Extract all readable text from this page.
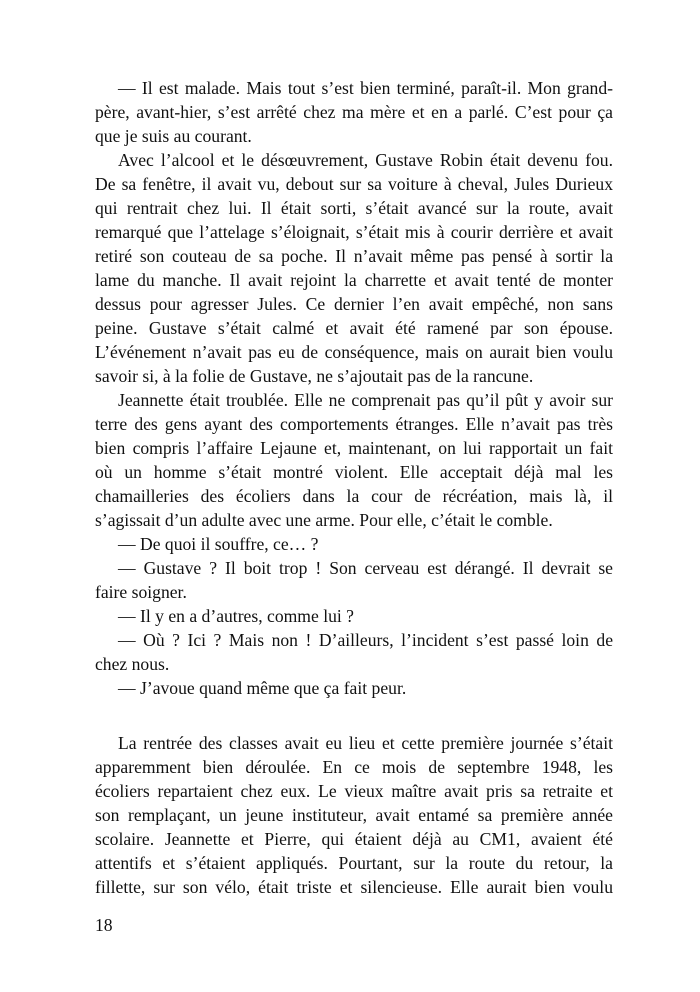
— Il est malade. Mais tout s’est bien terminé, paraît-il. Mon grand-
père, avant-hier, s’est arrêté chez ma mère et en a parlé. C’est pour ça
que je suis au courant.
Avec l’alcool et le désœuvrement, Gustave Robin était devenu fou.
De sa fenêtre, il avait vu, debout sur sa voiture à cheval, Jules Durieux
qui rentrait chez lui. Il était sorti, s’était avancé sur la route, avait
remarqué que l’attelage s’éloignait, s’était mis à courir derrière et avait
retiré son couteau de sa poche. Il n’avait même pas pensé à sortir la
lame du manche. Il avait rejoint la charrette et avait tenté de monter
dessus pour agresser Jules. Ce dernier l’en avait empêché, non sans
peine. Gustave s’était calmé et avait été ramené par son épouse.
L’événement n’avait pas eu de conséquence, mais on aurait bien voulu
savoir si, à la folie de Gustave, ne s’ajoutait pas de la rancune.
Jeannette était troublée. Elle ne comprenait pas qu’il pût y avoir sur
terre des gens ayant des comportements étranges. Elle n’avait pas très
bien compris l’affaire Lejaune et, maintenant, on lui rapportait un fait
où un homme s’était montré violent. Elle acceptait déjà mal les
chamailleries des écoliers dans la cour de récréation, mais là, il
s’agissait d’un adulte avec une arme. Pour elle, c’était le comble.
— De quoi il souffre, ce… ?
— Gustave ? Il boit trop ! Son cerveau est dérangé. Il devrait se
faire soigner.
— Il y en a d’autres, comme lui ?
— Où ? Ici ? Mais non ! D’ailleurs, l’incident s’est passé loin de
chez nous.
— J’avoue quand même que ça fait peur.
La rentrée des classes avait eu lieu et cette première journée s’était
apparemment bien déroulée. En ce mois de septembre 1948, les
écoliers repartaient chez eux. Le vieux maître avait pris sa retraite et
son remplaçant, un jeune instituteur, avait entamé sa première année
scolaire. Jeannette et Pierre, qui étaient déjà au CM1, avaient été
attentifs et s’étaient appliqués. Pourtant, sur la route du retour, la
fillette, sur son vélo, était triste et silencieuse. Elle aurait bien voulu
18
